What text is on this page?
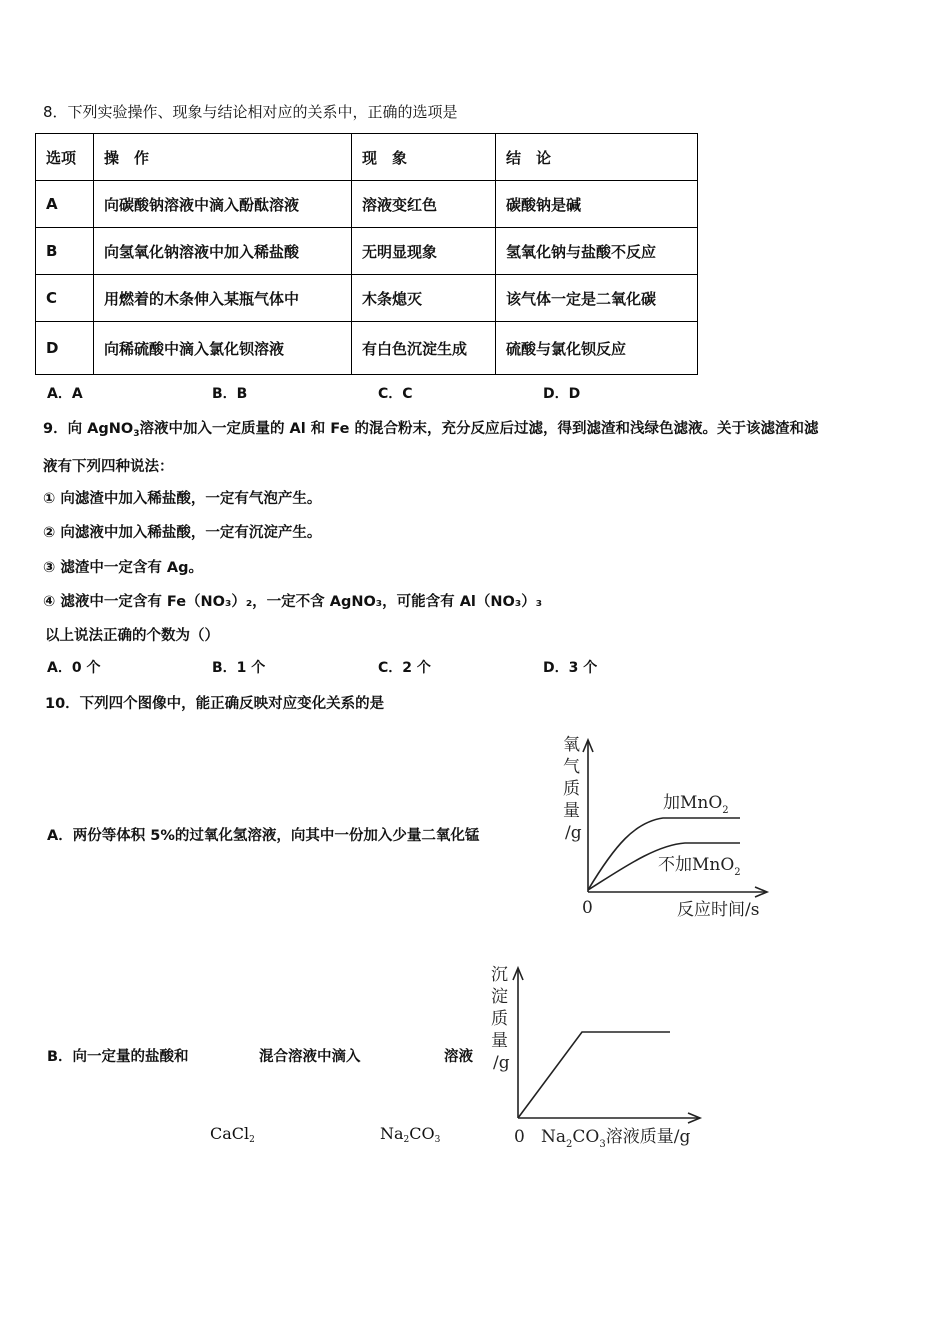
8．下列实验操作、现象与结论相对应的关系中，正确的选项是
选项	操　作	现　象	结　论
A	向碳酸钠溶液中滴入酚酞溶液	溶液变红色	碳酸钠是碱
B	向氢氧化钠溶液中加入稀盐酸	无明显现象	氢氧化钠与盐酸不反应
C	用燃着的木条伸入某瓶气体中	木条熄灭	该气体一定是二氧化碳
D	向稀硫酸中滴入氯化钡溶液	有白色沉淀生成	硫酸与氯化钡反应
A．A	B．B	C．C	D．D
9．向 AgNO$_3$溶液中加入一定质量的 Al 和 Fe 的混合粉末，充分反应后过滤，得到滤渣和浅绿色滤液。关于该滤渣和滤
液有下列四种说法：
① 向滤渣中加入稀盐酸，一定有气泡产生。
② 向滤液中加入稀盐酸，一定有沉淀产生。
③ 滤渣中一定含有 Ag。
④ 滤液中一定含有 Fe（NO₃）₂，一定不含 AgNO₃，可能含有 Al（NO₃）₃
以上说法正确的个数为（）
A．0 个	B．1 个	C．2 个	D．3 个
10．下列四个图像中，能正确反映对应变化关系的是
A．两份等体积 5%的过氧化氢溶液，向其中一份加入少量二氧化锰
氧
气
质
量
/g
0	反应时间/s
加MnO$_2$
不加MnO$_2$
B．向一定量的盐酸和	混合溶液中滴入	溶液
CaCl$_2$	$Na_2CO_3$
沉
淀
质
量
/g
0 $Na_2CO_3$溶液质量/g
